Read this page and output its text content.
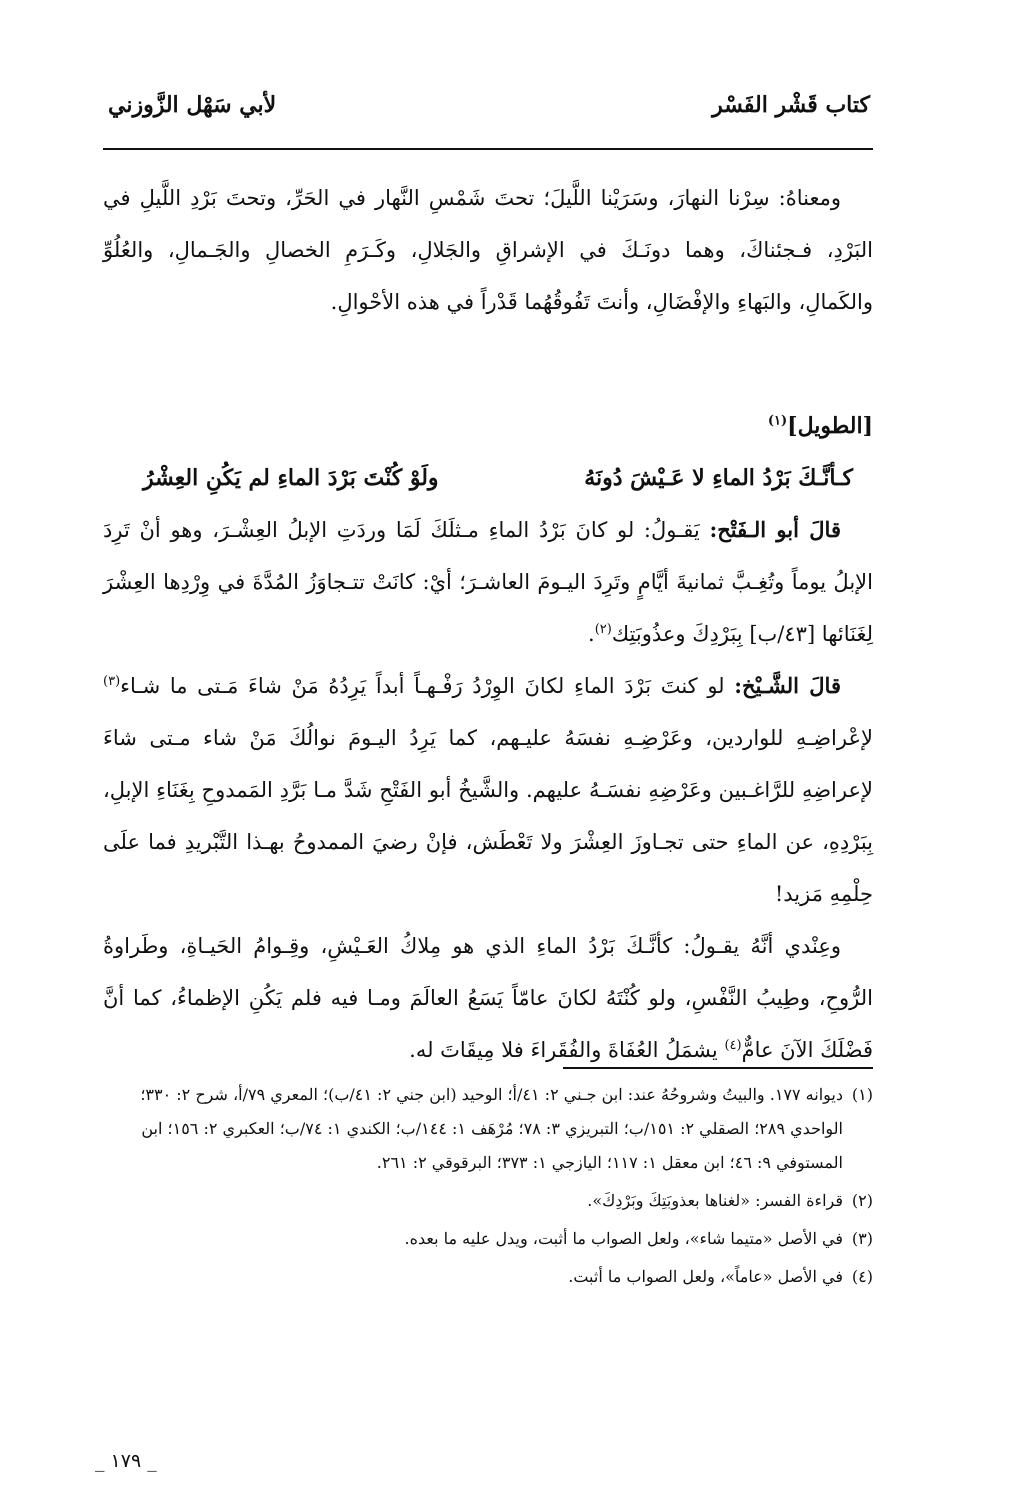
كتاب قَشْر الفَسْر
لأبي سَهْل الزَّوزني

ومعناهُ: سِرْنا النهارَ، وسَرَيْنا اللَّيلَ؛ تحتَ شَمْسِ النَّهار في الحَرِّ، وتحتَ بَرْدِ اللَّيلِ في البَرْدِ، فـجئناكَ، وهما دونَـكَ في الإشراقِ والجَلالِ، وكَـرَمِ الخصالِ والجَـمالِ، والعُلُوِّ والكَمالِ، والبَهاءِ والإفْضَالِ، وأنتَ تَفُوقُهُما قَدْراً في هذه الأحْوالِ.

[الطويل]$^{(١)}$

كـأنَّـكَ بَرْدُ الماءِ لا عَـيْشَ دُونَهُ
ولَوْ كُنْتَ بَرْدَ الماءِ لم يَكُنِ العِشْرُ

قالَ أبو الـفَتْح: يَقـولُ: لو كانَ بَرْدُ الماءِ مـثلَكَ لَمَا وردَتِ الإبلُ العِشْـرَ، وهو أنْ تَرِدَ الإبلُ يوماً وتُغِـبَّ ثمانيةَ أيَّامٍ وتَرِدَ اليـومَ العاشـرَ؛ أيْ: كانَتْ تتـجاوَزُ المُدَّةَ في وِرْدِها العِشْرَ لِغَنَائها [٤٣/ب] بِبَرْدِكَ وعذُوبَتِك$^{(٢)}$.

قالَ الشَّـيْخ: لو كنتَ بَرْدَ الماءِ لكانَ الوِرْدُ رَفْـهـاً أبداً يَرِدُهُ مَنْ شاءَ مَـتى ما شـاء$^{(٣)}$ لإعْراضِـهِ للواردين، وعَرْضِـهِ نفسَهُ عليـهم، كما يَرِدُ اليـومَ نوالُكَ مَنْ شاء مـتى شاءَ لإعراضِهِ للرَّاغـبين وعَرْضِهِ نفسَـهُ عليهم. والشَّيخُ أبو الفَتْحِ شَدَّ مـا بَرَّدِ المَمدوحِ بِغَنَاءِ الإبلِ، بِبَرْدِهِ، عن الماءِ حتى تجـاوزَ العِشْرَ ولا تَعْطَش، فإنْ رضيَ الممدوحُ بهـذا التَّبْريدِ فما علَى حِلْمِهِ مَزيد!

وعِنْدي أنَّهُ يقـولُ: كأنَّـكَ بَرْدُ الماءِ الذي هو مِلاكُ العَـيْشِ، وقِـوامُ الحَيـاةِ، وطَراوةُ الرُّوحِ، وطِيبُ النَّفْسِ، ولو كُنْتَهُ لكانَ عامّاً يَسَعُ العالَمَ ومـا فيه فلم يَكُنِ الإظماءُ، كما أنَّ فَضْلَكَ الآنَ عامٌّ$^{(٤)}$ يشمَلُ العُفَاةَ والفُقَراءَ فلا مِيقَاتَ له.

(١)
ديوانه ١٧٧. والبيتُ وشروحُهُ عند: ابن جـني ٢: ٤١/أ؛ الوحيد (ابن جني ٢: ٤١/ب)؛ المعري ٧٩/أ، شرح ٢: ٣٣٠؛ الواحدي ٢٨٩؛ الصقلي ٢: ١٥١/ب؛ التبريزي ٣: ٧٨؛ مُرْهَف ١: ١٤٤/ب؛ الكندي ١: ٧٤/ب؛ العكبري ٢: ١٥٦؛ ابن المستوفي ٩: ٤٦؛ ابن معقل ١: ١١٧؛ اليازجي ١: ٣٧٣؛ البرقوقي ٢: ٢٦١.

(٢)
قراءة الفسر: «لغناها بعذوبَتِكَ وبَرْدِكَ».

(٣)
في الأصل «متيما شاء»، ولعل الصواب ما أثبت، ويدل عليه ما بعده.

(٤)
في الأصل «عاماً»، ولعل الصواب ما أثبت.

_ ١٧٩ _
